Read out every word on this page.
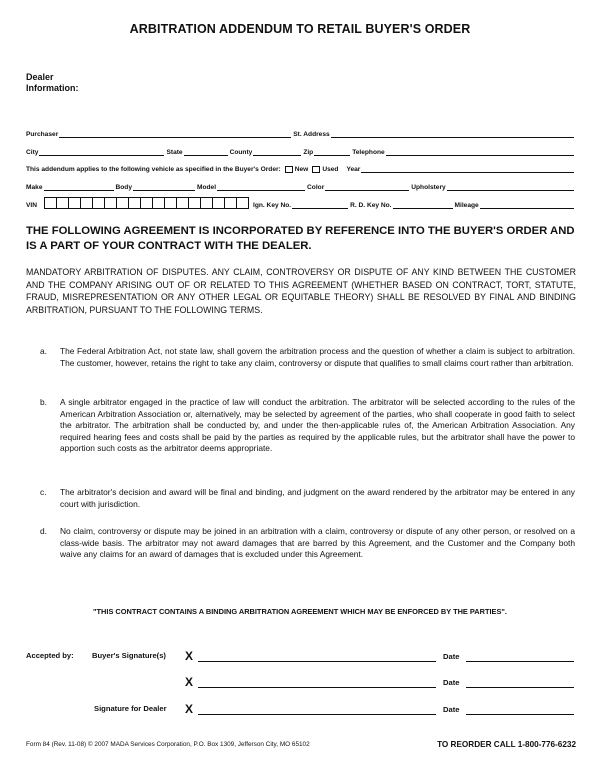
ARBITRATION ADDENDUM TO RETAIL BUYER'S ORDER
Dealer
Information:
Purchaser	St. Address
City	State	County	Zip	Telephone
This addendum applies to the following vehicle as specified in the Buyer's Order: New Used Year
Make	Body	Model	Color	Upholstery
VIN	Ign. Key No.	R. D. Key No.	Mileage
THE FOLLOWING AGREEMENT IS INCORPORATED BY REFERENCE INTO THE BUYER'S ORDER AND IS A PART OF YOUR CONTRACT WITH THE DEALER.
MANDATORY ARBITRATION OF DISPUTES. ANY CLAIM, CONTROVERSY OR DISPUTE OF ANY KIND BETWEEN THE CUSTOMER AND THE COMPANY ARISING OUT OF OR RELATED TO THIS AGREEMENT (WHETHER BASED ON CONTRACT, TORT, STATUTE, FRAUD, MISREPRESENTATION OR ANY OTHER LEGAL OR EQUITABLE THEORY) SHALL BE RESOLVED BY FINAL AND BINDING ARBITRATION, PURSUANT TO THE FOLLOWING TERMS.
a.	The Federal Arbitration Act, not state law, shall govern the arbitration process and the question of whether a claim is subject to arbitration. The customer, however, retains the right to take any claim, controversy or dispute that qualifies to small claims court rather than arbitration.
b.	A single arbitrator engaged in the practice of law will conduct the arbitration. The arbitrator will be selected according to the rules of the American Arbitration Association or, alternatively, may be selected by agreement of the parties, who shall cooperate in good faith to select the arbitrator. The arbitration shall be conducted by, and under the then-applicable rules of, the American Arbitration Association. Any required hearing fees and costs shall be paid by the parties as required by the applicable rules, but the arbitrator shall have the power to apportion such costs as the arbitrator deems appropriate.
c.	The arbitrator's decision and award will be final and binding, and judgment on the award rendered by the arbitrator may be entered in any court with jurisdiction.
d.	No claim, controversy or dispute may be joined in an arbitration with a claim, controversy or dispute of any other person, or resolved on a class-wide basis. The arbitrator may not award damages that are barred by this Agreement, and the Customer and the Company both waive any claims for an award of damages that is excluded under this Agreement.
"THIS CONTRACT CONTAINS A BINDING ARBITRATION AGREEMENT WHICH MAY BE ENFORCED BY THE PARTIES".
Accepted by: Buyer's Signature(s) X	Date
X	Date
Signature for Dealer X	Date
Form 84 (Rev. 11-08) © 2007 MADA Services Corporation, P.O. Box 1309, Jefferson City, MO 65102	TO REORDER CALL 1-800-776-6232
